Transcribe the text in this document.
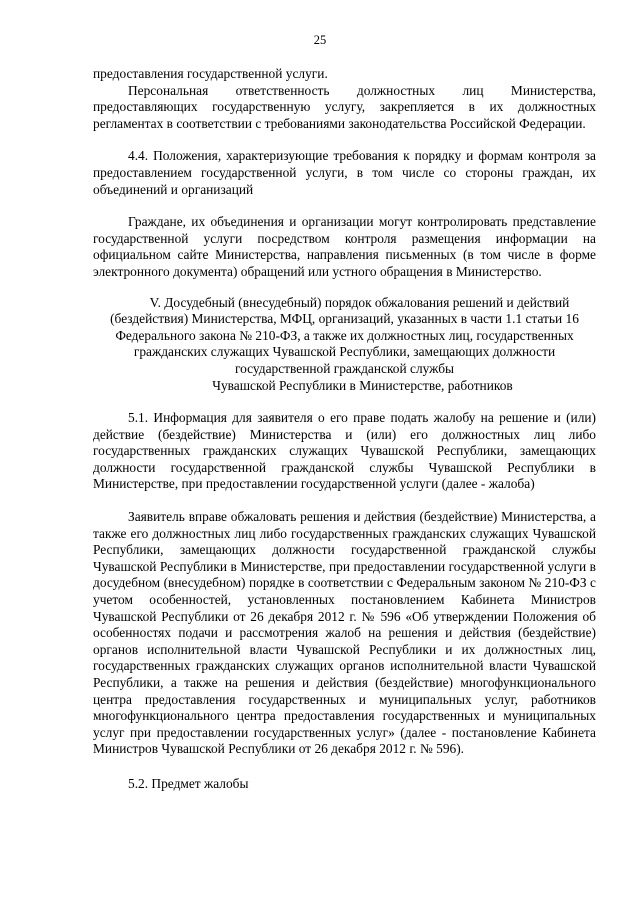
25

предоставления государственной услуги.

Персональная ответственность должностных лиц Министерства, предоставляющих государственную услугу, закрепляется в их должностных регламентах в соответствии с требованиями законодательства Российской Федерации.

4.4. Положения, характеризующие требования к порядку и формам контроля за предоставлением государственной услуги, в том числе со стороны граждан, их объединений и организаций

Граждане, их объединения и организации могут контролировать представление государственной услуги посредством контроля размещения информации на официальном сайте Министерства, направления письменных (в том числе в форме электронного документа) обращений или устного обращения в Министерство.

V. Досудебный (внесудебный) порядок обжалования решений и действий
(бездействия) Министерства, МФЦ, организаций, указанных в части 1.1 статьи 16
Федерального закона № 210-ФЗ, а также их должностных лиц, государственных
гражданских служащих Чувашской Республики, замещающих должности
государственной гражданской службы
Чувашской Республики в Министерстве, работников

5.1. Информация для заявителя о его праве подать жалобу на решение и (или) действие (бездействие) Министерства и (или) его должностных лиц либо государственных гражданских служащих Чувашской Республики, замещающих должности государственной гражданской службы Чувашской Республики в Министерстве, при предоставлении государственной услуги (далее - жалоба)

Заявитель вправе обжаловать решения и действия (бездействие) Министерства, а также его должностных лиц либо государственных гражданских служащих Чувашской Республики, замещающих должности государственной гражданской службы Чувашской Республики в Министерстве, при предоставлении государственной услуги в досудебном (внесудебном) порядке в соответствии с Федеральным законом № 210-ФЗ с учетом особенностей, установленных постановлением Кабинета Министров Чувашской Республики от 26 декабря 2012 г. № 596 «Об утверждении Положения об особенностях подачи и рассмотрения жалоб на решения и действия (бездействие) органов исполнительной власти Чувашской Республики и их должностных лиц, государственных гражданских служащих органов исполнительной власти Чувашской Республики, а также на решения и действия (бездействие) многофункционального центра предоставления государственных и муниципальных услуг, работников многофункционального центра предоставления государственных и муниципальных услуг при предоставлении государственных услуг» (далее - постановление Кабинета Министров Чувашской Республики от 26 декабря 2012 г. № 596).

5.2. Предмет жалобы
